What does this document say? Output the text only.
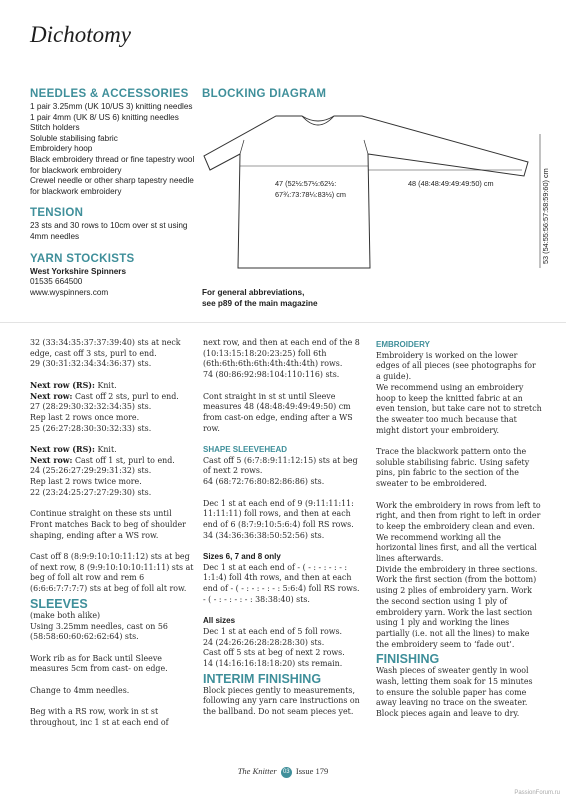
Dichotomy
NEEDLES & ACCESSORIES
1 pair 3.25mm (UK 10/US 3) knitting needles
1 pair 4mm (UK 8/ US 6) knitting needles
Stitch holders
Soluble stabilising fabric
Embroidery hoop
Black embroidery thread or fine tapestry wool for blackwork embroidery
Crewel needle or other sharp tapestry needle for blackwork embroidery
TENSION
23 sts and 30 rows to 10cm over st st using 4mm needles
YARN STOCKISTS
West Yorkshire Spinners
01535 664500
www.wyspinners.com
BLOCKING DIAGRAM
47 (52½:57½:62½:
67¾:73:78¼:83½) cm
48 (48:48:49:49:49:50) cm	53 (54:55:56:57:58:59:60) cm
For general abbreviations,
see p89 of the main magazine

32 (33:34:35:37:37:39:40) sts at neck edge, cast off 3 sts, purl to end.

29 (30:31:32:34:34:36:37) sts.

Next row (RS): Knit.

Next row: Cast off 2 sts, purl to end.

27 (28:29:30:32:32:34:35) sts.

Rep last 2 rows once more.

25 (26:27:28:30:30:32:33) sts.

Next row (RS): Knit.

Next row: Cast off 1 st, purl to end.

24 (25:26:27:29:29:31:32) sts.

Rep last 2 rows twice more.

22 (23:24:25:27:27:29:30) sts.

Continue straight on these sts until Front matches Back to beg of shoulder shaping, ending after a WS row.

Cast off 8 (8:9:9:10:10:11:12) sts at beg of next row, 8 (9:9:10:10:10:11:11) sts at beg of foll alt row and rem 6 (6:6:6:7:7:7:7) sts at beg of foll alt row.

SLEEVES

(make both alike)

Using 3.25mm needles, cast on 56 (58:58:60:60:62:62:64) sts.

Work rib as for Back until Sleeve measures 5cm from cast- on edge.

Change to 4mm needles.

Beg with a RS row, work in st st throughout, inc 1 st at each end of

next row, and then at each end of the 8 (10:13:15:18:20:23:25) foll 6th (6th:6th:6th:6th:4th:4th:4th) rows.

74 (80:86:92:98:104:110:116) sts.

Cont straight in st st until Sleeve measures 48 (48:48:49:49:49:50) cm from cast-on edge, ending after a WS row.

SHAPE SLEEVEHEAD

Cast off 5 (6:7:8:9:11:12:15) sts at beg of next 2 rows.

64 (68:72:76:80:82:86:86) sts.

Dec 1 st at each end of 9 (9:11:11:11: 11:11:11) foll rows, and then at each end of 6 (8:7:9:10:5:6:4) foll RS rows.

34 (34:36:36:38:50:52:56) sts.

Sizes 6, 7 and 8 only

Dec 1 st at each end of - ( - : - : - : - : 1:1:4) foll 4th rows, and then at each end of - ( - : - : - : - : 5:6:4) foll RS rows.

- ( - : - : - : - : 38:38:40) sts.

All sizes

Dec 1 st at each end of 5 foll rows.

24 (24:26:26:28:28:28:30) sts.

Cast off 5 sts at beg of next 2 rows.

14 (14:16:16:18:18:20) sts remain.

INTERIM FINISHING

Block pieces gently to measurements, following any yarn care instructions on the ballband. Do not seam pieces yet.

EMBROIDERY

Embroidery is worked on the lower edges of all pieces (see photographs for a guide).

We recommend using an embroidery hoop to keep the knitted fabric at an even tension, but take care not to stretch the sweater too much because that might distort your embroidery.

Trace the blackwork pattern onto the soluble stabilising fabric. Using safety pins, pin fabric to the section of the sweater to be embroidered.

Work the embroidery in rows from left to right, and then from right to left in order to keep the embroidery clean and even. We recommend working all the horizontal lines first, and all the vertical lines afterwards.

Divide the embroidery in three sections. Work the first section (from the bottom) using 2 plies of embroidery yarn. Work the second section using 1 ply of embroidery yarn. Work the last section using 1 ply and working the lines partially (i.e. not all the lines) to make the embroidery seem to ‘fade out’.

FINISHING

Wash pieces of sweater gently in wool wash, letting them soak for 15 minutes to ensure the soluble paper has come away leaving no trace on the sweater. Block pieces again and leave to dry.

The Knitter 03 Issue 179
PassionForum.ru
